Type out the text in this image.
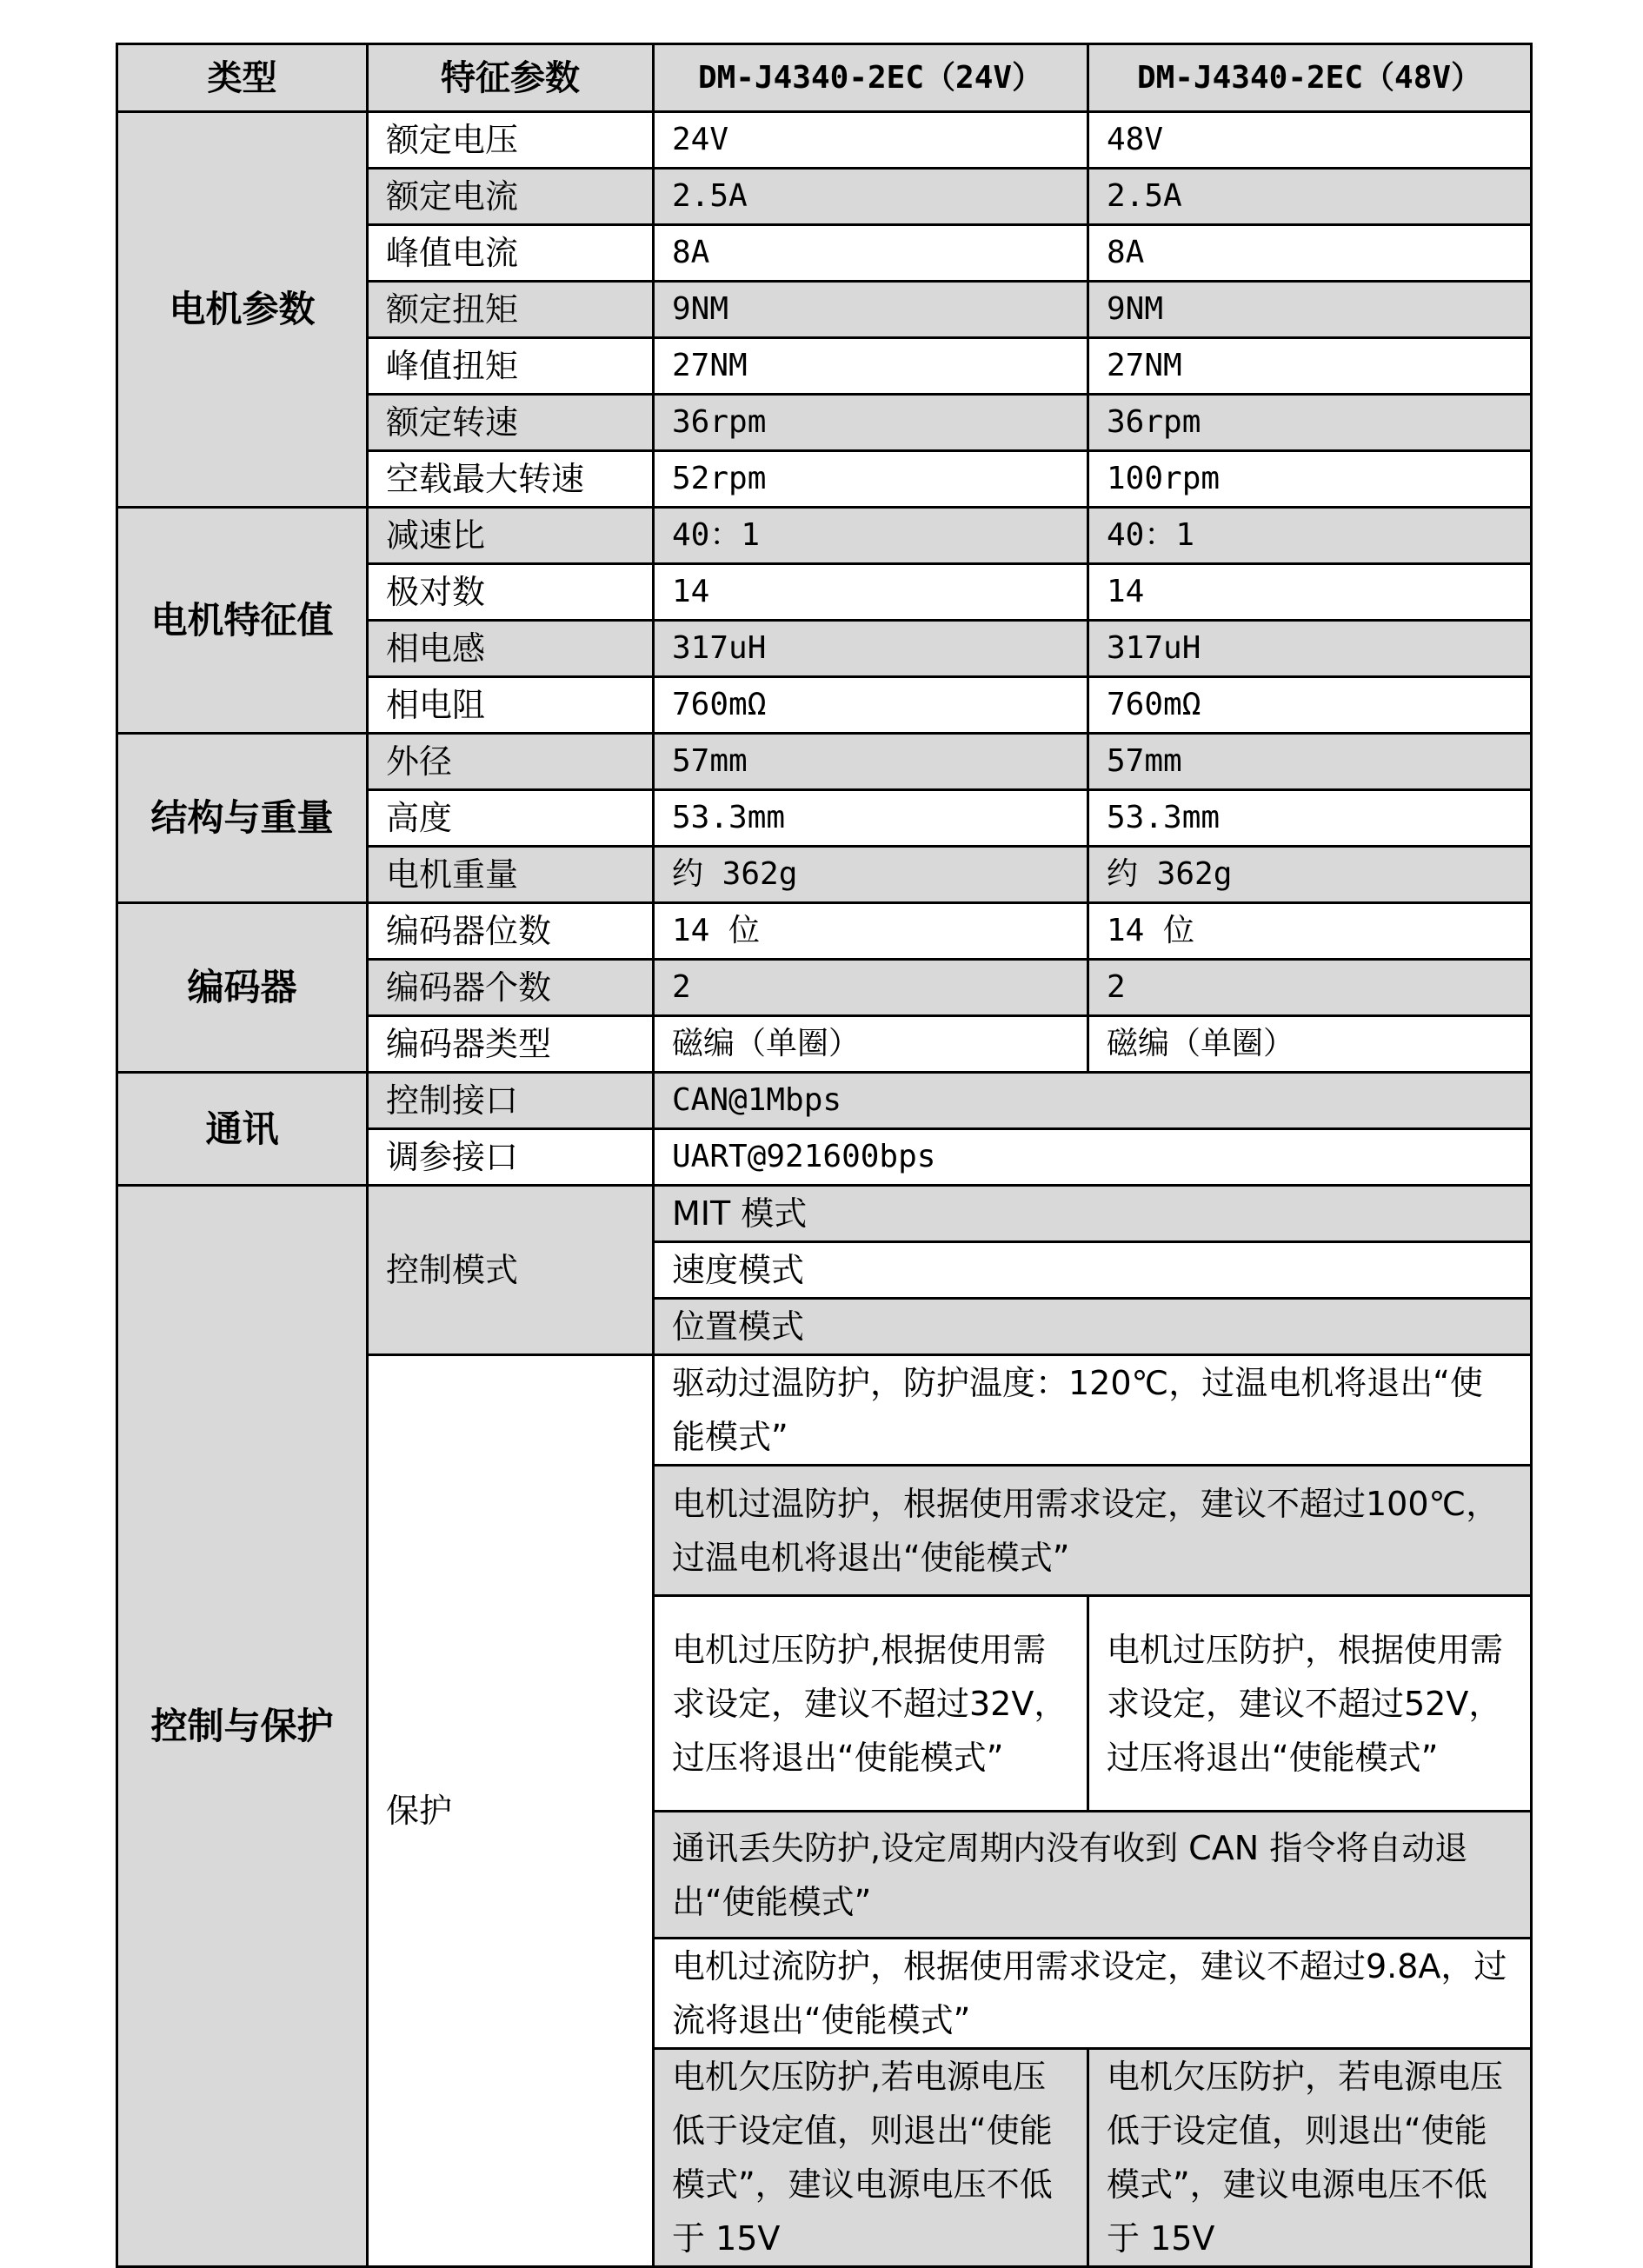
类型	特征参数	DM-J4340-2EC（24V）	DM-J4340-2EC（48V）
电机参数	额定电压	24V	48V
	额定电流	2.5A	2.5A
	峰值电流	8A	8A
	额定扭矩	9NM	9NM
	峰值扭矩	27NM	27NM
	额定转速	36rpm	36rpm
	空载最大转速	52rpm	100rpm
电机特征值	减速比	40：1	40：1
	极对数	14	14
	相电感	317uH	317uH
	相电阻	760mΩ	760mΩ
结构与重量	外径	57mm	57mm
	高度	53.3mm	53.3mm
	电机重量	约 362g	约 362g
编码器	编码器位数	14 位	14 位
	编码器个数	2	2
	编码器类型	磁编（单圈）	磁编（单圈）
通讯	控制接口	CAN@1Mbps	
	调参接口	UART@921600bps	
控制与保护	控制模式	MIT 模式	
		速度模式	
		位置模式	
	保护	驱动过温防护，防护温度：120℃，过温电机将退出“使能模式”	
		电机过温防护，根据使用需求设定，建议不超过100℃，过温电机将退出“使能模式”	
		电机过压防护,根据使用需求设定，建议不超过32V，过压将退出“使能模式”	电机过压防护，根据使用需求设定，建议不超过52V，过压将退出“使能模式”
		通讯丢失防护,设定周期内没有收到 CAN 指令将自动退出“使能模式”	
		电机过流防护，根据使用需求设定，建议不超过9.8A，过流将退出“使能模式”	
		电机欠压防护,若电源电压低于设定值，则退出“使能模式”，建议电源电压不低于 15V	电机欠压防护，若电源电压低于设定值，则退出“使能模式”，建议电源电压不低于 15V
